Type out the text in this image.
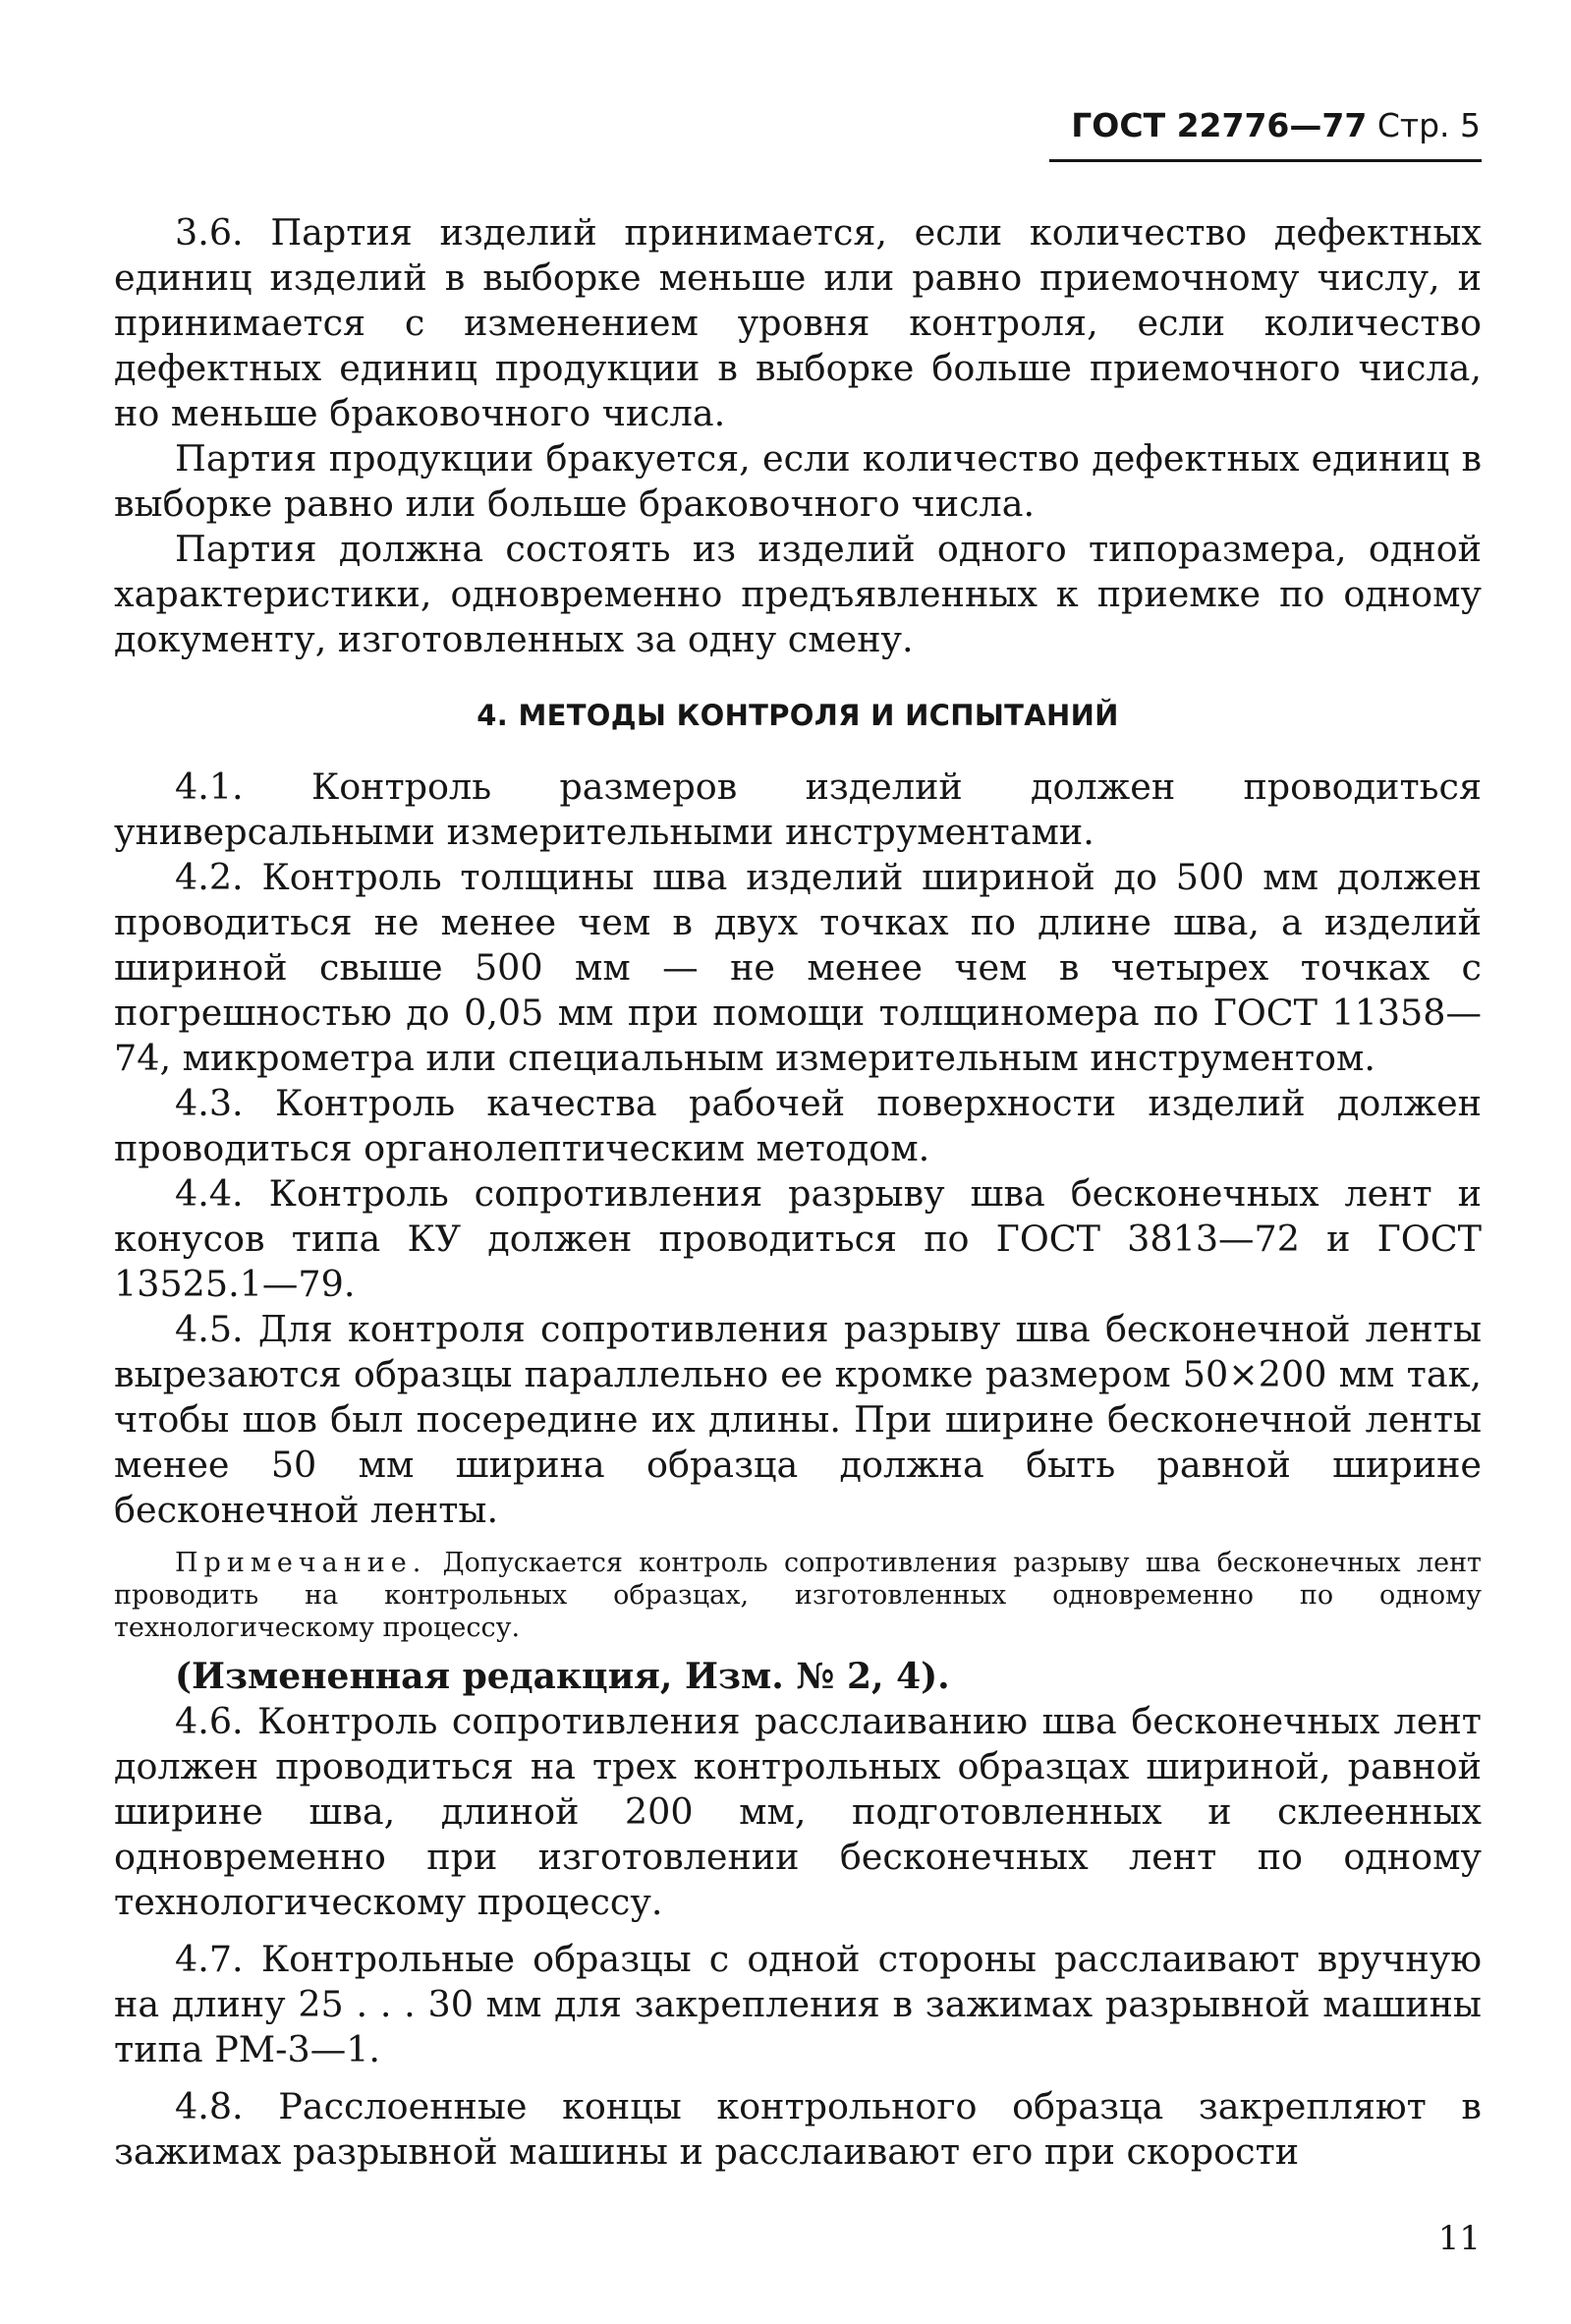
ГОСТ 22776—77 Стр. 5

3.6. Партия изделий принимается, если количество дефектных единиц изделий в выборке меньше или равно приемочному числу, и принимается с изменением уровня контроля, если количество дефектных единиц продукции в выборке больше приемочного числа, но меньше браковочного числа.

Партия продукции бракуется, если количество дефектных единиц в выборке равно или больше браковочного числа.

Партия должна состоять из изделий одного типоразмера, одной характеристики, одновременно предъявленных к приемке по одному документу, изготовленных за одну смену.

4. МЕТОДЫ КОНТРОЛЯ И ИСПЫТАНИЙ

4.1. Контроль размеров изделий должен проводиться универсальными измерительными инструментами.

4.2. Контроль толщины шва изделий шириной до 500 мм должен проводиться не менее чем в двух точках по длине шва, а изделий шириной свыше 500 мм — не менее чем в четырех точках с погрешностью до 0,05 мм при помощи толщиномера по ГОСТ 11358—74, микрометра или специальным измерительным инструментом.

4.3. Контроль качества рабочей поверхности изделий должен проводиться органолептическим методом.

4.4. Контроль сопротивления разрыву шва бесконечных лент и конусов типа КУ должен проводиться по ГОСТ 3813—72 и ГОСТ 13525.1—79.

4.5. Для контроля сопротивления разрыву шва бесконечной ленты вырезаются образцы параллельно ее кромке размером 50×200 мм так, чтобы шов был посередине их длины. При ширине бесконечной ленты менее 50 мм ширина образца должна быть равной ширине бесконечной ленты.

Примечание. Допускается контроль сопротивления разрыву шва бесконечных лент проводить на контрольных образцах, изготовленных одновременно по одному технологическому процессу.

(Измененная редакция, Изм. № 2, 4).

4.6. Контроль сопротивления расслаиванию шва бесконечных лент должен проводиться на трех контрольных образцах шириной, равной ширине шва, длиной 200 мм, подготовленных и склеенных одновременно при изготовлении бесконечных лент по одному технологическому процессу.

4.7. Контрольные образцы с одной стороны расслаивают вручную на длину 25 . . . 30 мм для закрепления в зажимах разрывной машины типа РМ-3—1.

4.8. Расслоенные концы контрольного образца закрепляют в зажимах разрывной машины и расслаивают его при скорости

11
